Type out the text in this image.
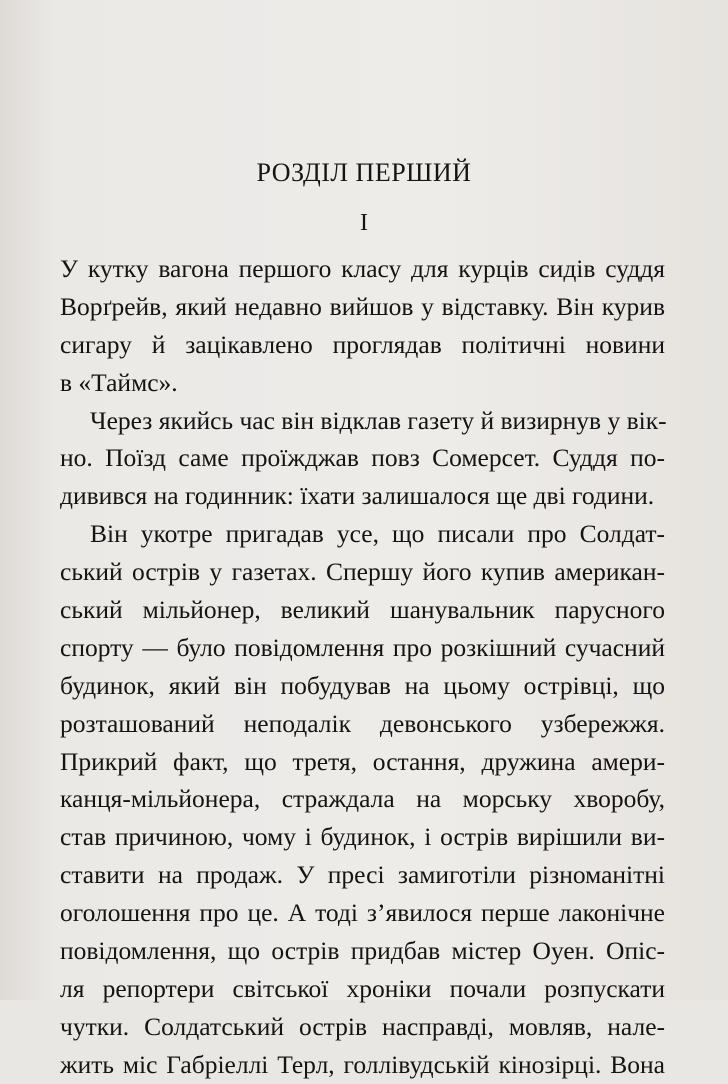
РОЗДІЛ ПЕРШИЙ
I
У кутку вагона першого класу для курців сидів суддя
Ворґрейв, який недавно вийшов у відставку. Він курив
сигару й зацікавлено проглядав політичні новини
в «Таймс».
Через якийсь час він відклав газету й визирнув у вік-
но. Поїзд саме проїжджав повз Сомерсет. Суддя по-
дивився на годинник: їхати залишалося ще дві години.
Він укотре пригадав усе, що писали про Солдат-
ський острів у газетах. Спершу його купив американ-
ський мільйонер, великий шанувальник парусного
спорту — було повідомлення про розкішний сучасний
будинок, який він побудував на цьому острівці, що
розташований неподалік девонського узбережжя.
Прикрий факт, що третя, остання, дружина амери-
канця-мільйонера, страждала на морську хворобу,
став причиною, чому і будинок, і острів вирішили ви-
ставити на продаж. У пресі замиготіли різноманітні
оголошення про це. А тоді з’явилося перше лаконічне
повідомлення, що острів придбав містер Оуен. Опіс-
ля репортери світської хроніки почали розпускати
чутки. Солдатський острів насправді, мовляв, нале-
жить міс Габріеллі Терл, голлівудській кінозірці. Вона
